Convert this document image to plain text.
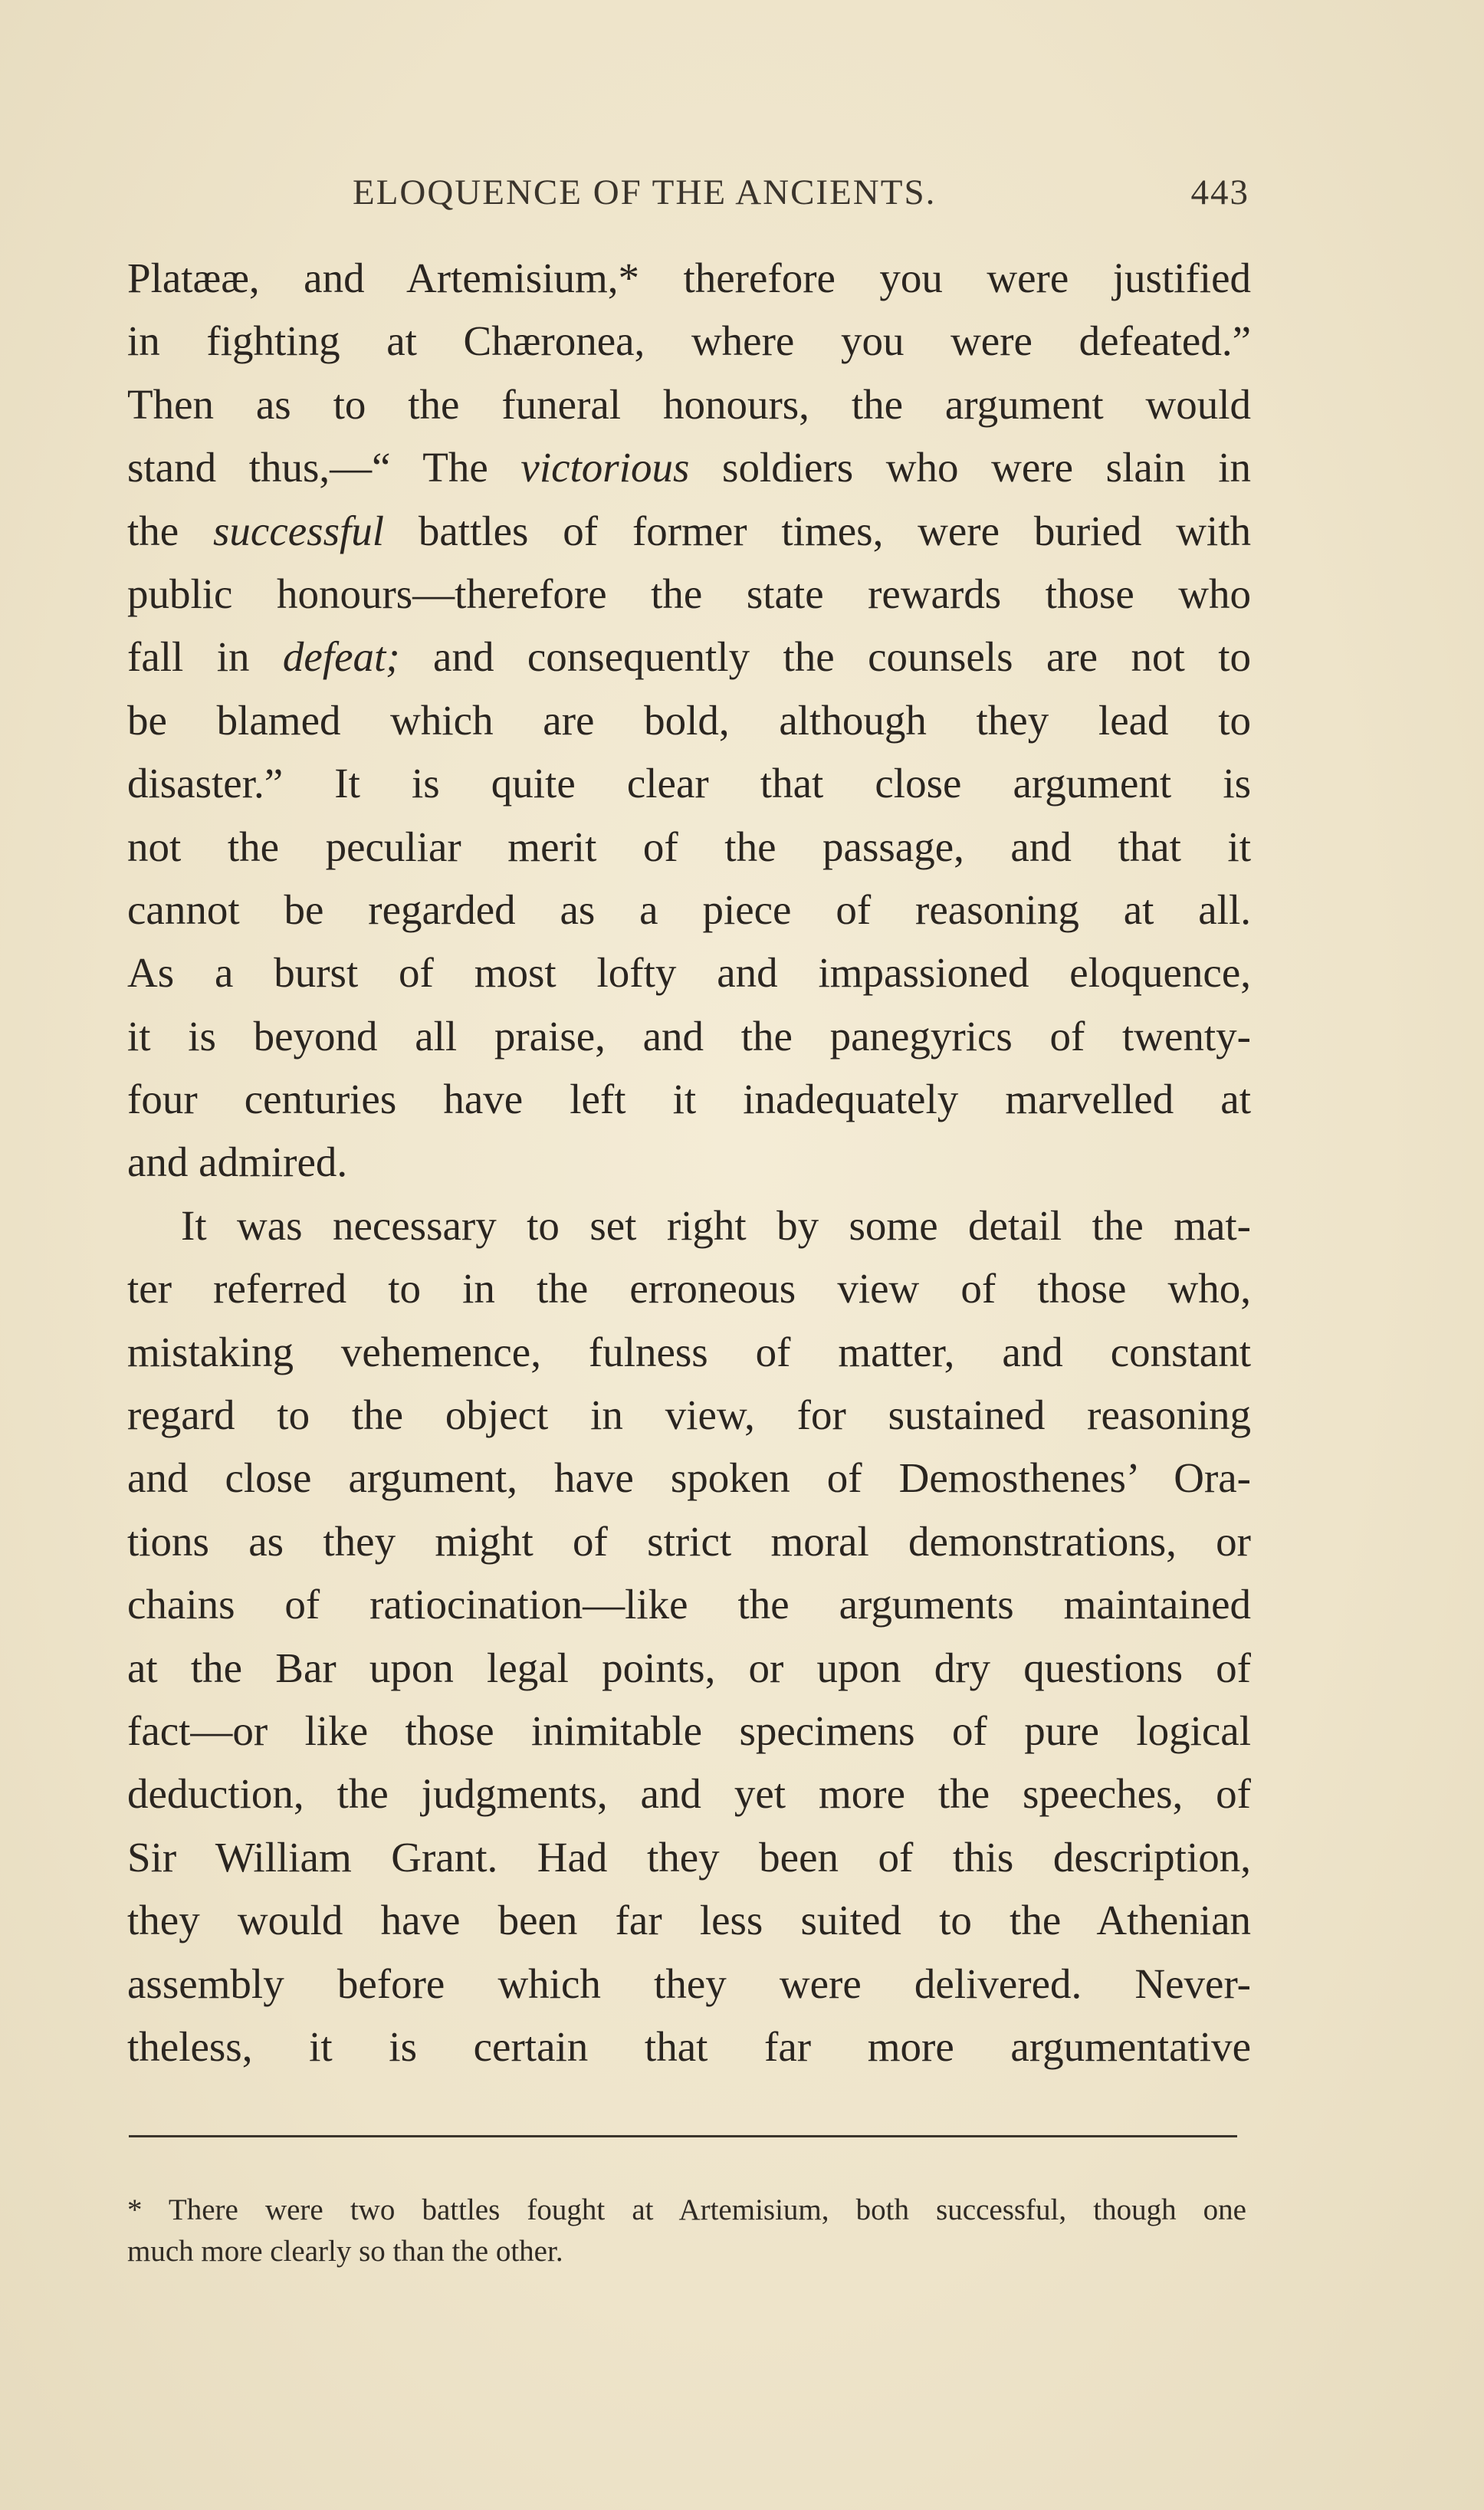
ELOQUENCE OF THE ANCIENTS.	443
Platææ, and Artemisium,* therefore you were justified
in fighting at Chæronea, where you were defeated.”
Then as to the funeral honours, the argument would
stand thus,—“ The victorious soldiers who were slain in
the successful battles of former times, were buried with
public honours—therefore the state rewards those who
fall in defeat; and consequently the counsels are not to
be blamed which are bold, although they lead to
disaster.” It is quite clear that close argument is
not the peculiar merit of the passage, and that it
cannot be regarded as a piece of reasoning at all.
As a burst of most lofty and impassioned eloquence,
it is beyond all praise, and the panegyrics of twenty-
four centuries have left it inadequately marvelled at
and admired.
It was necessary to set right by some detail the mat-
ter referred to in the erroneous view of those who,
mistaking vehemence, fulness of matter, and constant
regard to the object in view, for sustained reasoning
and close argument, have spoken of Demosthenes’ Ora-
tions as they might of strict moral demonstrations, or
chains of ratiocination—like the arguments maintained
at the Bar upon legal points, or upon dry questions of
fact—or like those inimitable specimens of pure logical
deduction, the judgments, and yet more the speeches, of
Sir William Grant. Had they been of this description,
they would have been far less suited to the Athenian
assembly before which they were delivered. Never-
theless, it is certain that far more argumentative
* There were two battles fought at Artemisium, both successful, though one
much more clearly so than the other.
